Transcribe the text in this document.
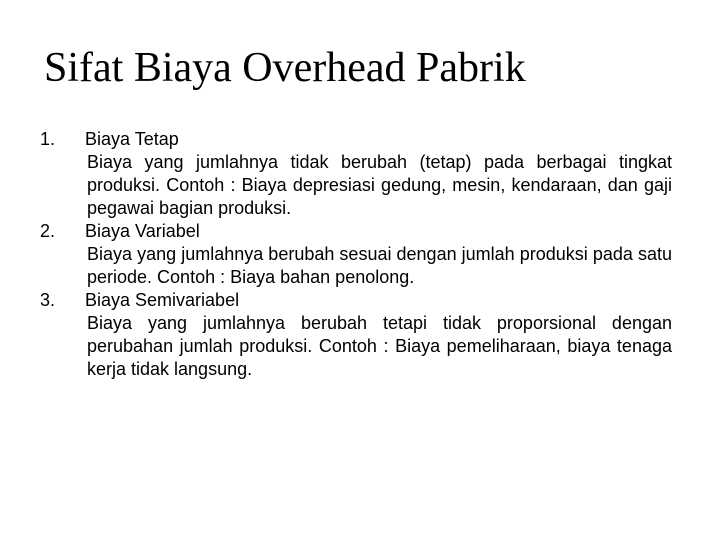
Sifat Biaya Overhead Pabrik
1.	Biaya Tetap
Biaya yang jumlahnya tidak berubah (tetap) pada berbagai tingkat produksi. Contoh : Biaya depresiasi gedung, mesin, kendaraan, dan gaji pegawai bagian produksi.
2.	Biaya Variabel
Biaya yang jumlahnya berubah sesuai dengan jumlah produksi pada satu periode. Contoh : Biaya bahan penolong.
3.	Biaya Semivariabel
Biaya yang jumlahnya berubah tetapi tidak proporsional dengan perubahan jumlah produksi. Contoh : Biaya pemeliharaan, biaya tenaga kerja tidak langsung.
